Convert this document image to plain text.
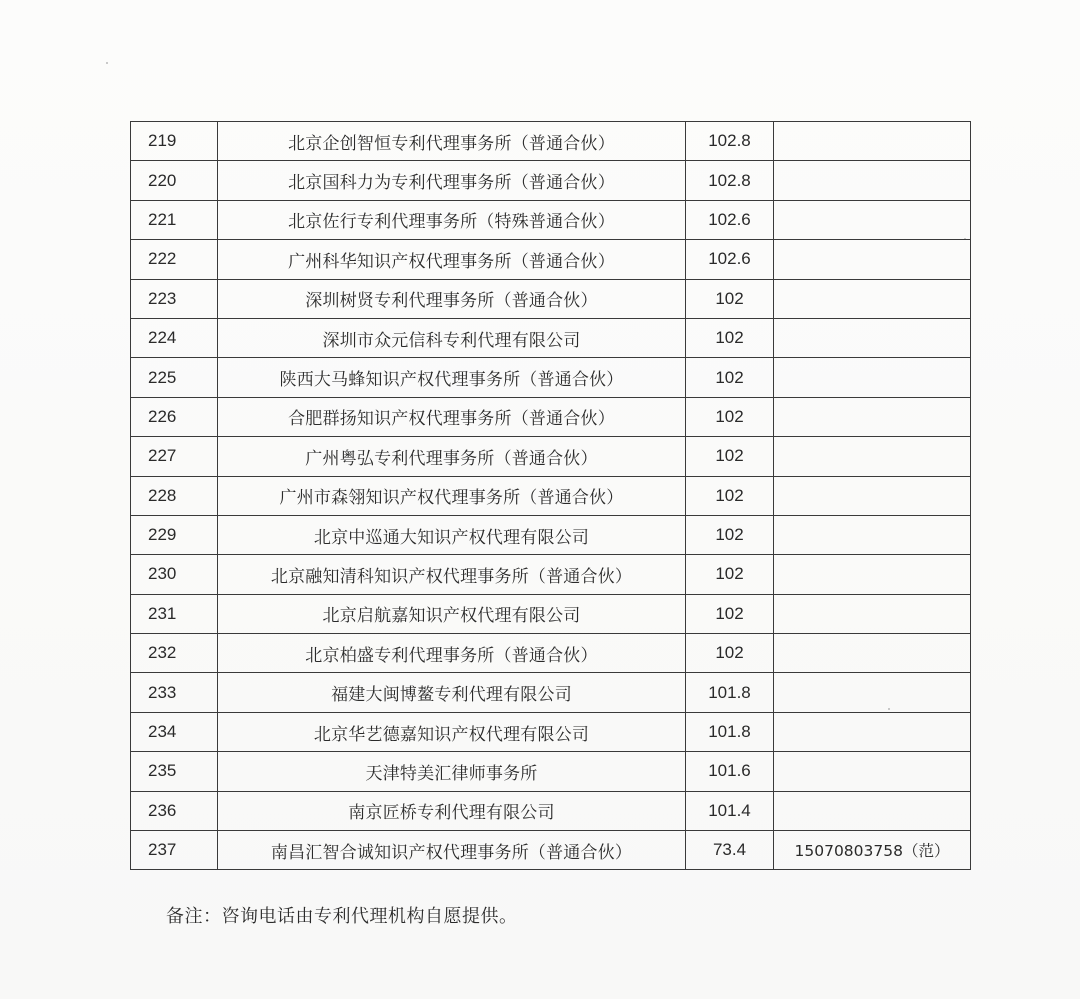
219	北京企创智恒专利代理事务所（普通合伙）	102.8	
220	北京国科力为专利代理事务所（普通合伙）	102.8	
221	北京佐行专利代理事务所（特殊普通合伙）	102.6	
222	广州科华知识产权代理事务所（普通合伙）	102.6	
223	深圳树贤专利代理事务所（普通合伙）	102	
224	深圳市众元信科专利代理有限公司	102	
225	陕西大马蜂知识产权代理事务所（普通合伙）	102	
226	合肥群扬知识产权代理事务所（普通合伙）	102	
227	广州粤弘专利代理事务所（普通合伙）	102	
228	广州市森翎知识产权代理事务所（普通合伙）	102	
229	北京中巡通大知识产权代理有限公司	102	
230	北京融知清科知识产权代理事务所（普通合伙）	102	
231	北京启航嘉知识产权代理有限公司	102	
232	北京柏盛专利代理事务所（普通合伙）	102	
233	福建大闽博鳌专利代理有限公司	101.8	
234	北京华艺德嘉知识产权代理有限公司	101.8	
235	天津特美汇律师事务所	101.6	
236	南京匠桥专利代理有限公司	101.4	
237	南昌汇智合诚知识产权代理事务所（普通合伙）	73.4	15070803758（范）
备注：咨询电话由专利代理机构自愿提供。
